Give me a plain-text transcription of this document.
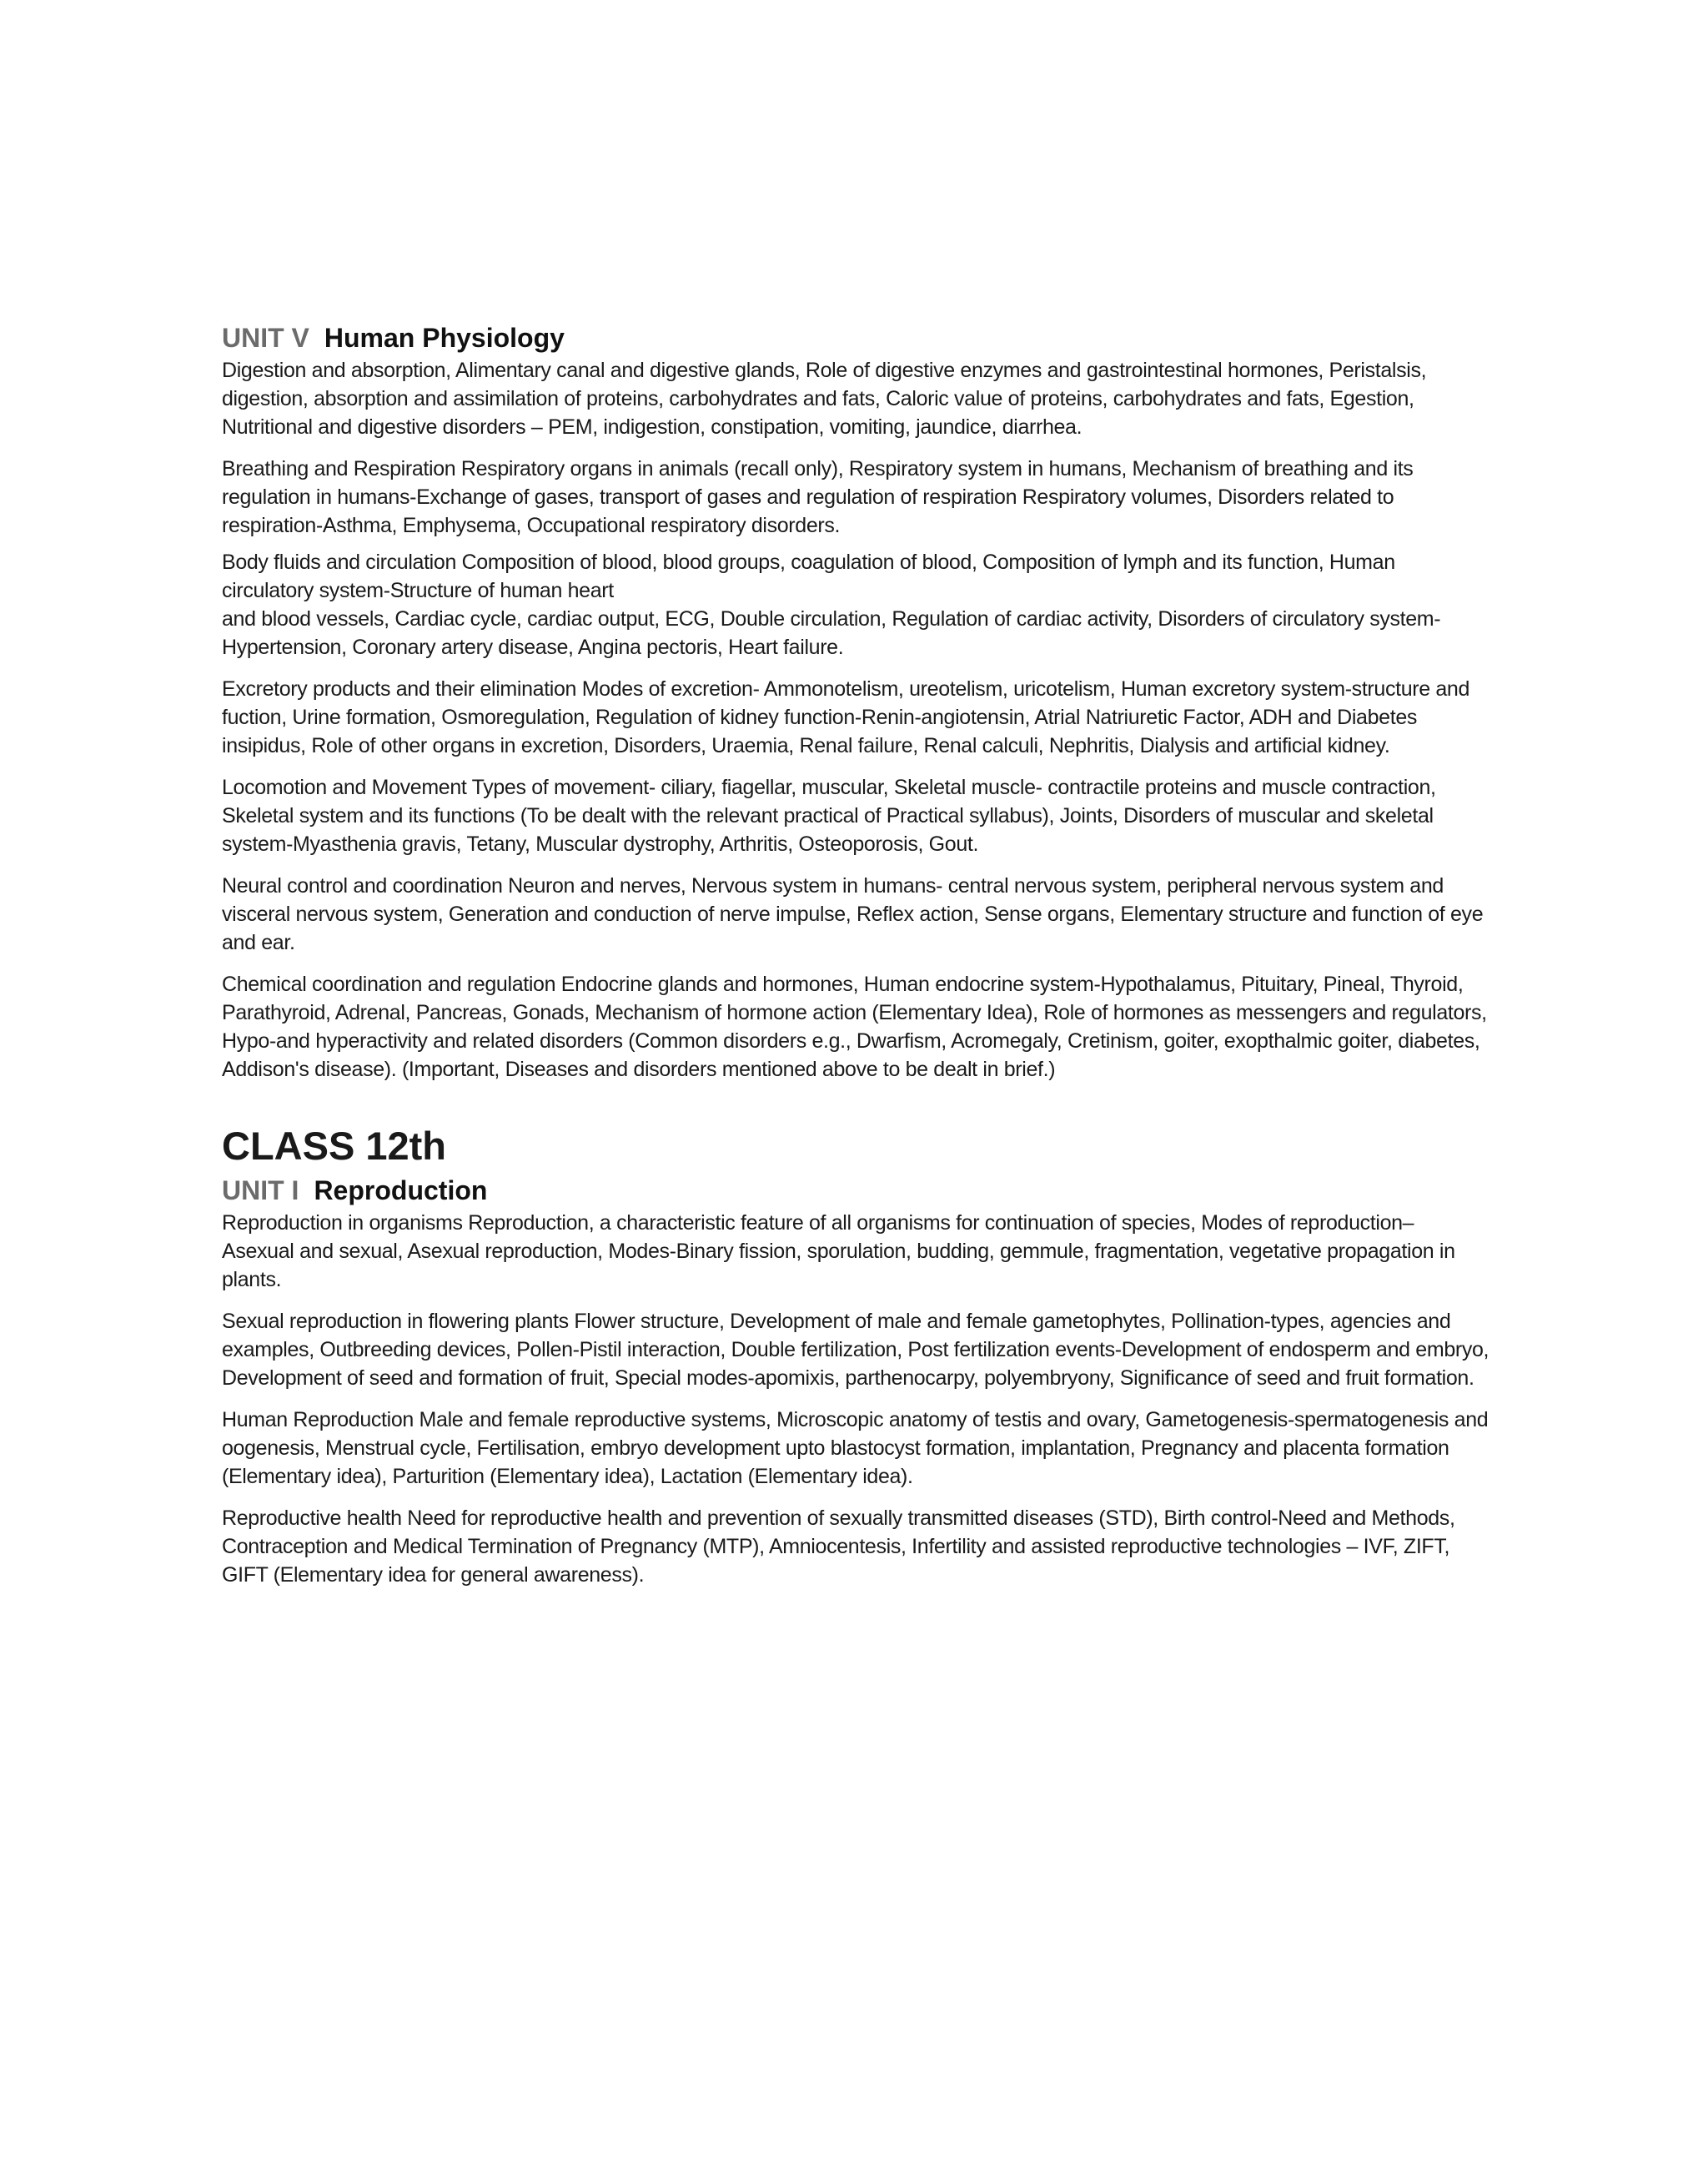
UNIT V Human Physiology

Digestion and absorption, Alimentary canal and digestive glands, Role of digestive enzymes and gastrointestinal hormones, Peristalsis, digestion, absorption and assimilation of proteins, carbohydrates and fats, Caloric value of proteins, carbohydrates and fats, Egestion, Nutritional and digestive disorders – PEM, indigestion, constipation, vomiting, jaundice, diarrhea.

Breathing and Respiration Respiratory organs in animals (recall only), Respiratory system in humans, Mechanism of breathing and its regulation in humans-Exchange of gases, transport of gases and regulation of respiration Respiratory volumes, Disorders related to respiration-Asthma, Emphysema, Occupational respiratory disorders.

Body fluids and circulation Composition of blood, blood groups, coagulation of blood, Composition of lymph and its function, Human circulatory system-Structure of human heart

and blood vessels, Cardiac cycle, cardiac output, ECG, Double circulation, Regulation of cardiac activity, Disorders of circulatory system-Hypertension, Coronary artery disease, Angina pectoris, Heart failure.

Excretory products and their elimination Modes of excretion- Ammonotelism, ureotelism, uricotelism, Human excretory system-structure and fuction, Urine formation, Osmoregulation, Regulation of kidney function-Renin-angiotensin, Atrial Natriuretic Factor, ADH and Diabetes insipidus, Role of other organs in excretion, Disorders, Uraemia, Renal failure, Renal calculi, Nephritis, Dialysis and artificial kidney.

Locomotion and Movement Types of movement- ciliary, fiagellar, muscular, Skeletal muscle- contractile proteins and muscle contraction, Skeletal system and its functions (To be dealt with the relevant practical of Practical syllabus), Joints, Disorders of muscular and skeletal system-Myasthenia gravis, Tetany, Muscular dystrophy, Arthritis, Osteoporosis, Gout.

Neural control and coordination Neuron and nerves, Nervous system in humans- central nervous system, peripheral nervous system and visceral nervous system, Generation and conduction of nerve impulse, Reflex action, Sense organs, Elementary structure and function of eye and ear.

Chemical coordination and regulation Endocrine glands and hormones, Human endocrine system-Hypothalamus, Pituitary, Pineal, Thyroid, Parathyroid, Adrenal, Pancreas, Gonads, Mechanism of hormone action (Elementary Idea), Role of hormones as messengers and regulators, Hypo-and hyperactivity and related disorders (Common disorders e.g., Dwarfism, Acromegaly, Cretinism, goiter, exopthalmic goiter, diabetes, Addison's disease). (Important, Diseases and disorders mentioned above to be dealt in brief.)

CLASS 12th
UNIT I Reproduction

Reproduction in organisms Reproduction, a characteristic feature of all organisms for continuation of species, Modes of reproduction– Asexual and sexual, Asexual reproduction, Modes-Binary fission, sporulation, budding, gemmule, fragmentation, vegetative propagation in plants.

Sexual reproduction in flowering plants Flower structure, Development of male and female gametophytes, Pollination-types, agencies and examples, Outbreeding devices, Pollen-Pistil interaction, Double fertilization, Post fertilization events-Development of endosperm and embryo, Development of seed and formation of fruit, Special modes-apomixis, parthenocarpy, polyembryony, Significance of seed and fruit formation.

Human Reproduction Male and female reproductive systems, Microscopic anatomy of testis and ovary, Gametogenesis-spermatogenesis and oogenesis, Menstrual cycle, Fertilisation, embryo development upto blastocyst formation, implantation, Pregnancy and placenta formation (Elementary idea), Parturition (Elementary idea), Lactation (Elementary idea).

Reproductive health Need for reproductive health and prevention of sexually transmitted diseases (STD), Birth control-Need and Methods, Contraception and Medical Termination of Pregnancy (MTP), Amniocentesis, Infertility and assisted reproductive technologies – IVF, ZIFT, GIFT (Elementary idea for general awareness).
